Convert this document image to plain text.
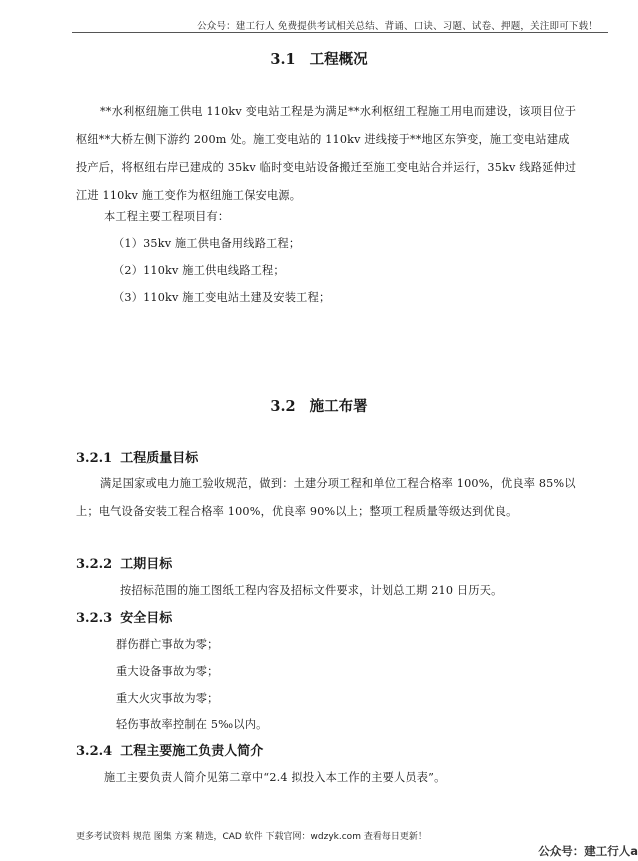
公众号：建工行人 免费提供考试相关总结、背诵、口诀、习题、试卷、押题，关注即可下载！
3.1 工程概况
**水利枢纽施工供电 110kv 变电站工程是为满足**水利枢纽工程施工用电而建设，该项目位于枢纽**大桥左侧下游约 200m 处。施工变电站的 110kv 进线接于**地区东笋变，施工变电站建成投产后，将枢纽右岸已建成的 35kv 临时变电站设备搬迁至施工变电站合并运行，35kv 线路延伸过江进 110kv 施工变作为枢纽施工保安电源。
本工程主要工程项目有：
（1）35kv 施工供电备用线路工程；
（2）110kv 施工供电线路工程；
（3）110kv 施工变电站土建及安装工程；
3.2 施工布署
3.2.1 工程质量目标
满足国家或电力施工验收规范，做到：土建分项工程和单位工程合格率 100%，优良率 85%以上；电气设备安装工程合格率 100%，优良率 90%以上；整项工程质量等级达到优良。
3.2.2 工期目标
按招标范围的施工图纸工程内容及招标文件要求，计划总工期 210 日历天。
3.2.3 安全目标
群伤群亡事故为零；
重大设备事故为零；
重大火灾事故为零；
轻伤事故率控制在 5‰以内。
3.2.4 工程主要施工负责人简介
施工主要负责人简介见第二章中“2.4 拟投入本工作的主要人员表”。
更多考试资料 规范 图集 方案 精选，CAD 软件 下载官网：wdzyk.com 查看每日更新！
公众号：建工行人a
